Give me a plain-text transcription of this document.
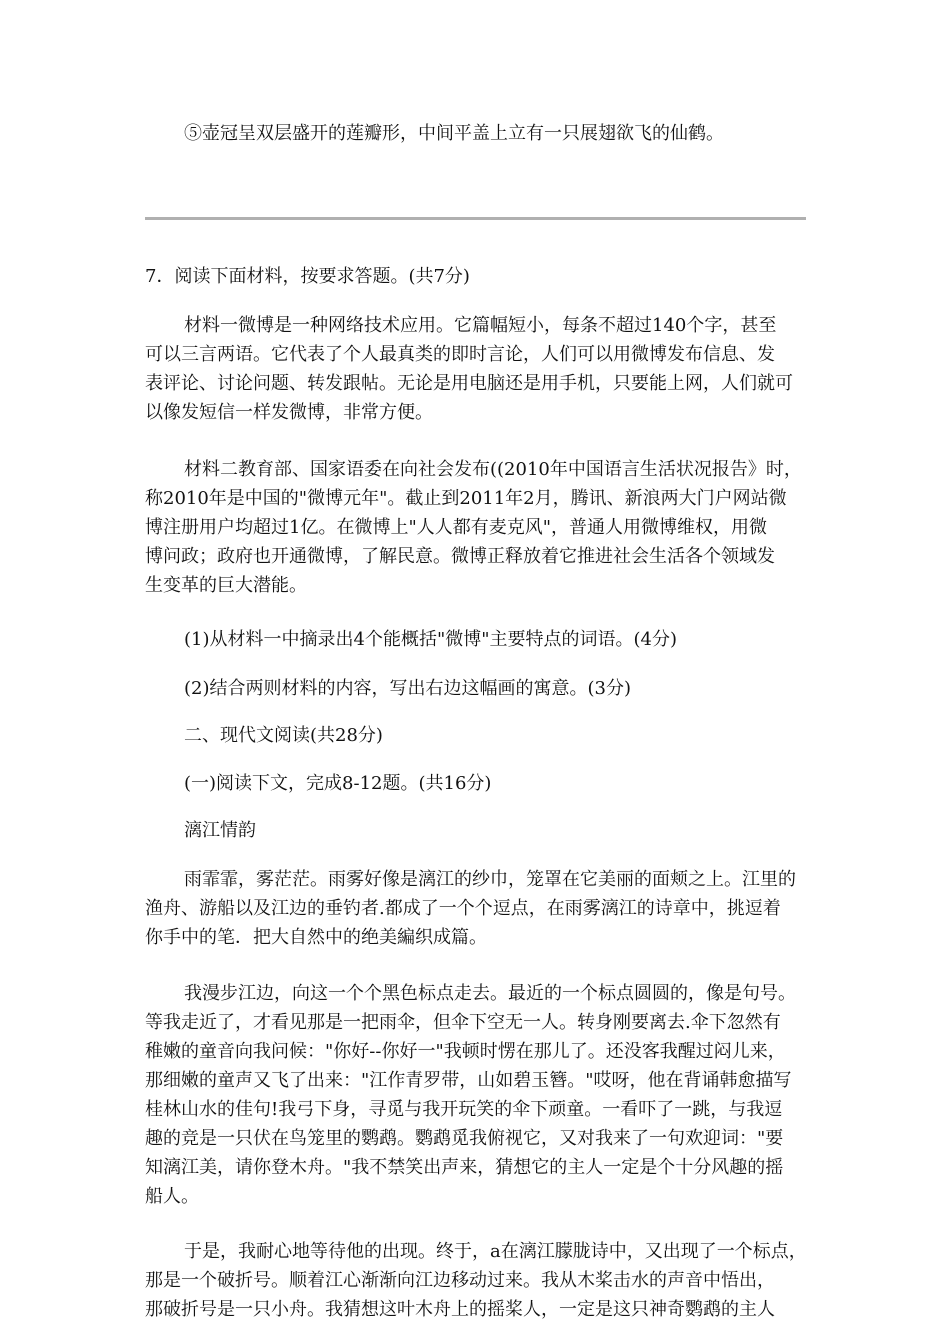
⑤壶冠呈双层盛开的莲瓣形，中间平盖上立有一只展翅欲飞的仙鹤。
7．阅读下面材料，按要求答题。(共7分)
材料一微博是一种网络技术应用。它篇幅短小，每条不超过140个字，甚至
可以三言两语。它代表了个人最真类的即时言论，人们可以用微博发布信息、发
表评论、讨论问题、转发跟帖。无论是用电脑还是用手机，只要能上网，人们就可
以像发短信一样发微博，非常方便。
材料二教育部、国家语委在向社会发布((2010年中国语言生活状况报告》时，
称2010年是中国的"微博元年"。截止到2011年2月，腾讯、新浪两大门户网站微
博注册用户均超过1亿。在微博上"人人都有麦克风"，普通人用微博维权，用微
博问政；政府也开通微博，了解民意。微博正释放着它推进社会生活各个领域发
生变革的巨大潜能。
(1)从材料一中摘录出4个能概括"微博"主要特点的词语。(4分)
(2)结合两则材料的内容，写出右边这幅画的寓意。(3分)
二、现代文阅读(共28分)
(一)阅读下文，完成8-12题。(共16分)
漓江情韵
雨霏霏，雾茫茫。雨雾好像是漓江的纱巾，笼罩在它美丽的面颊之上。江里的
渔舟、游船以及江边的垂钓者.都成了一个个逗点，在雨雾漓江的诗章中，挑逗着
你手中的笔．把大自然中的绝美編织成篇。
我漫步江边，向这一个个黑色标点走去。最近的一个标点圆圆的，像是句号。
等我走近了，才看见那是一把雨伞，但伞下空无一人。转身刚要离去.伞下忽然有
稚嫩的童音向我问候："你好--你好一"我顿时愣在那儿了。还没客我醒过闷儿来，
那细嫩的童声又飞了出来："江作青罗带，山如碧玉簪。"哎呀，他在背诵韩愈描写
桂林山水的佳句!我弓下身，寻觅与我开玩笑的伞下顽童。一看吓了一跳，与我逗
趣的竞是一只伏在鸟笼里的鹦鹉。鹦鹉觅我俯视它，又对我来了一句欢迎词："要
知漓江美，请你登木舟。"我不禁笑出声来，猜想它的主人一定是个十分风趣的摇
船人。
于是，我耐心地等待他的出现。终于，a在漓江朦胧诗中，又出现了一个标点，
那是一个破折号。顺着江心渐渐向江边移动过来。我从木桨击水的声音中悟出，
那破折号是一只小舟。我猜想这叶木舟上的摇桨人，一定是这只神奇鹦鹉的主人
